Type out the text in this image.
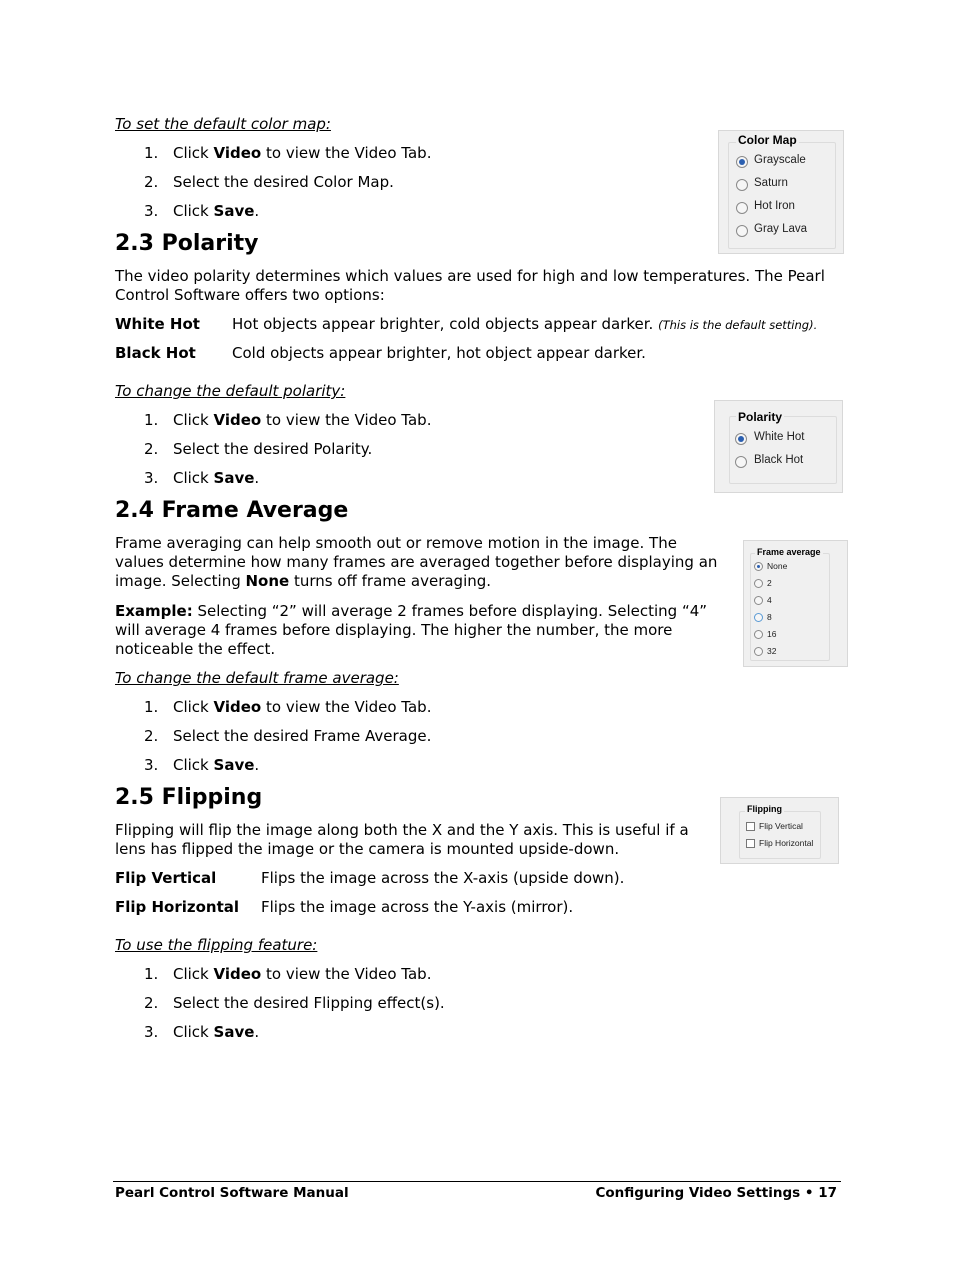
To set the default color map:
1. Click Video to view the Video Tab.
2. Select the desired Color Map.
3. Click Save.
Color Map
Grayscale
Saturn
Hot Iron
Gray Lava
2.3 Polarity
The video polarity determines which values are used for high and low temperatures. The Pearl Control Software offers two options:
White Hot Hot objects appear brighter, cold objects appear darker. (This is the default setting).
Black Hot Cold objects appear brighter, hot object appear darker.
To change the default polarity:
1. Click Video to view the Video Tab.
2. Select the desired Polarity.
3. Click Save.
Polarity
White Hot
Black Hot
2.4 Frame Average
Frame averaging can help smooth out or remove motion in the image. The values determine how many frames are averaged together before displaying an image. Selecting None turns off frame averaging.
Example: Selecting “2” will average 2 frames before displaying. Selecting “4” will average 4 frames before displaying. The higher the number, the more noticeable the effect.
To change the default frame average:
1. Click Video to view the Video Tab.
2. Select the desired Frame Average.
3. Click Save.
Frame average
None
2
4
8
16
32
2.5 Flipping
Flipping will flip the image along both the X and the Y axis. This is useful if a lens has flipped the image or the camera is mounted upside-down.
Flip Vertical	Flips the image across the X-axis (upside down).
Flip Horizontal Flips the image across the Y-axis (mirror).
To use the flipping feature:
1. Click Video to view the Video Tab.
2. Select the desired Flipping effect(s).
3. Click Save.
Flipping
Flip Vertical
Flip Horizontal
Pearl Control Software Manual	Configuring Video Settings • 17
